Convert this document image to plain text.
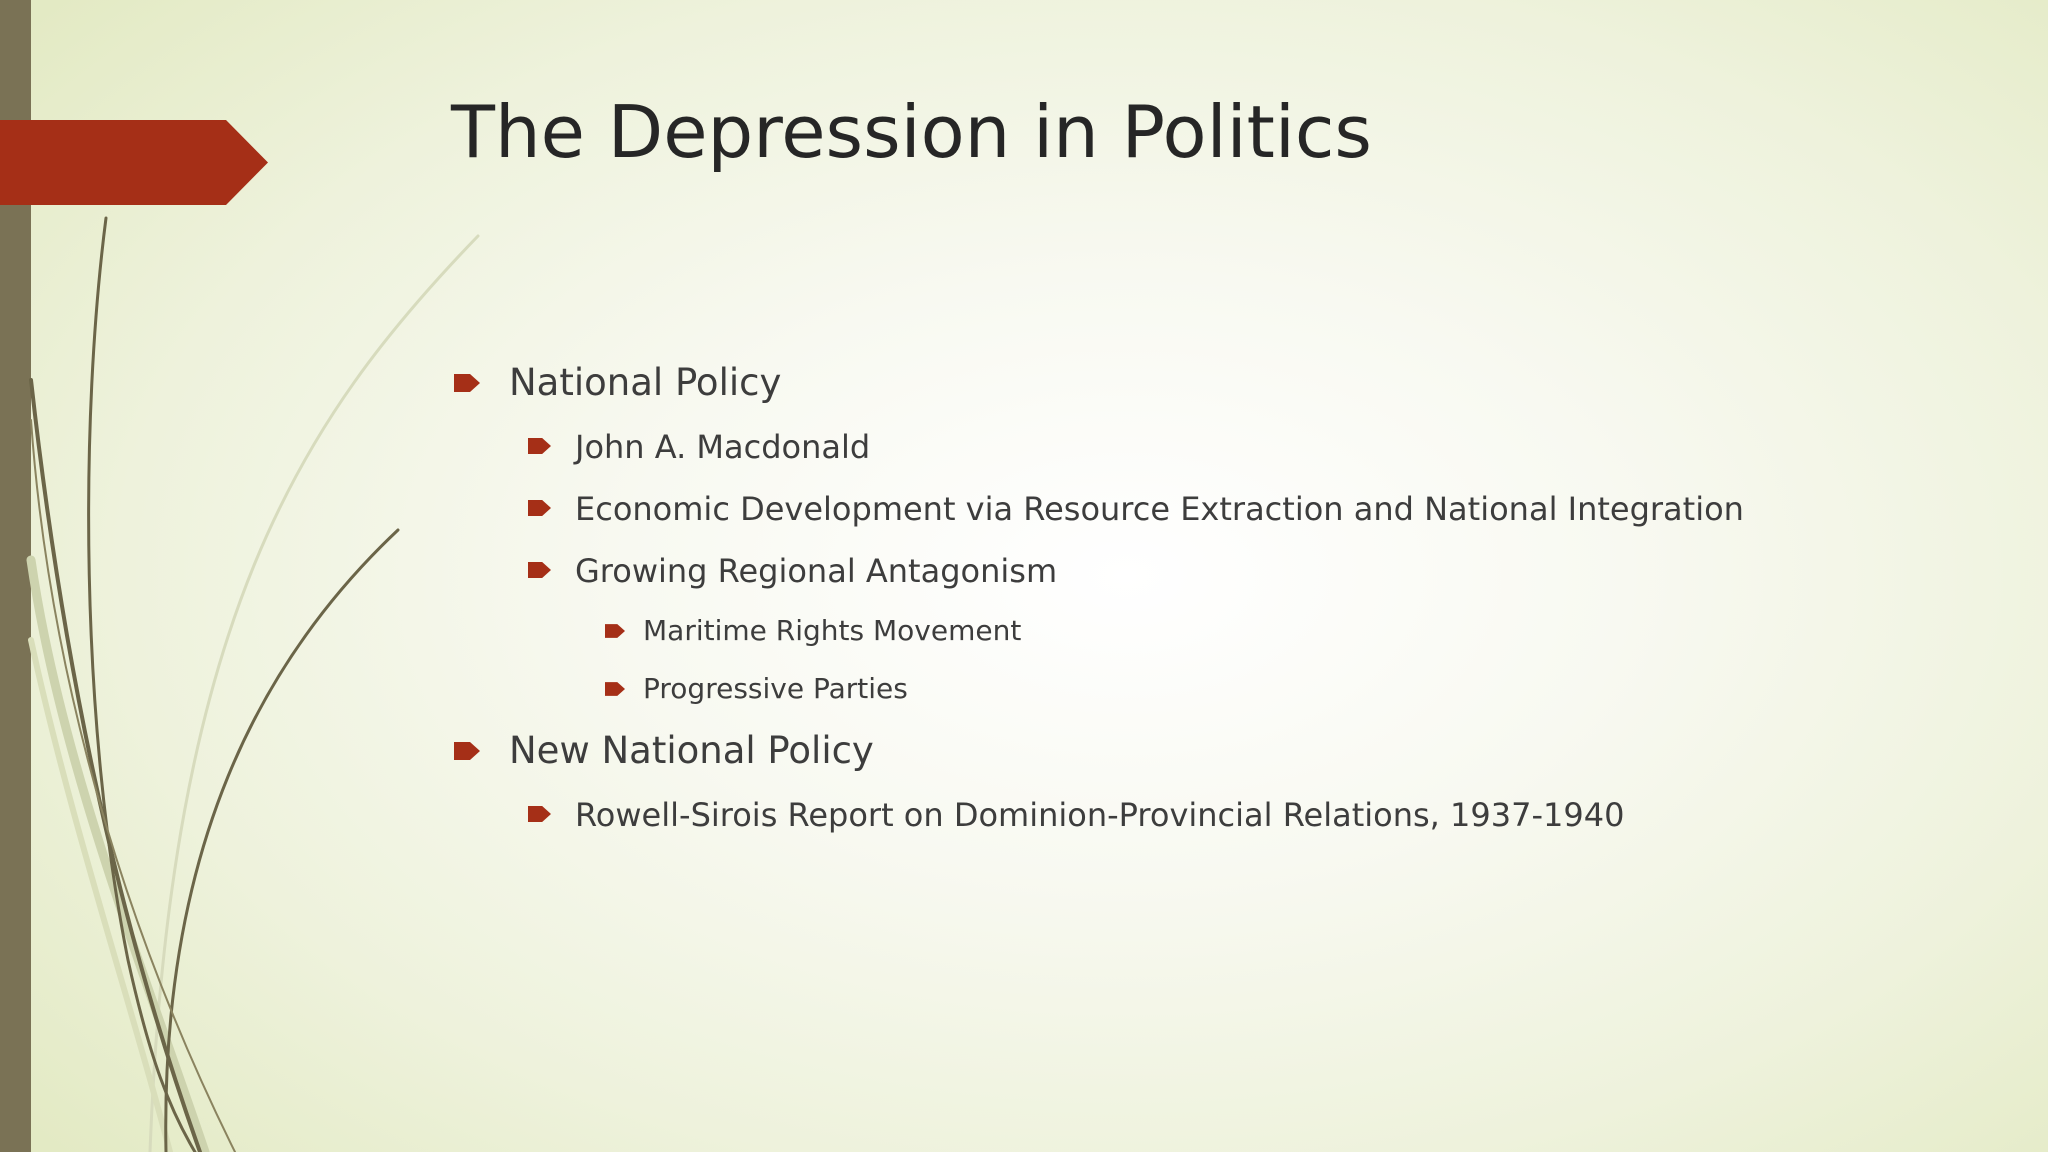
The Depression in Politics
National Policy
John A. Macdonald
Economic Development via Resource Extraction and National Integration
Growing Regional Antagonism
Maritime Rights Movement
Progressive Parties
New National Policy
Rowell-Sirois Report on Dominion-Provincial Relations, 1937-1940
